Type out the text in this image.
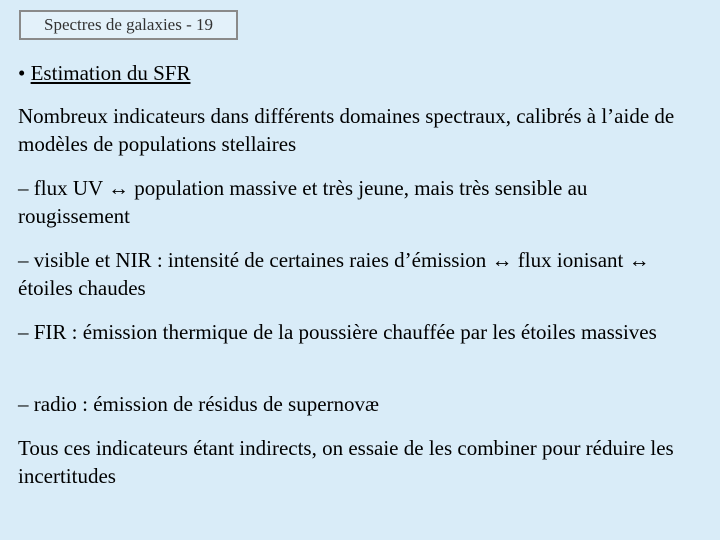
Spectres de galaxies - 19
• Estimation du SFR

Nombreux indicateurs dans différents domaines spectraux, calibrés à l’aide de modèles de populations stellaires

– flux UV ↔ population massive et très jeune, mais très sensible au rougissement

– visible et NIR : intensité de certaines raies d’émission ↔ flux ionisant ↔ étoiles chaudes

– FIR : émission thermique de la poussière chauffée par les étoiles massives

– radio : émission de résidus de supernovæ

Tous ces indicateurs étant indirects, on essaie de les combiner pour réduire les incertitudes
